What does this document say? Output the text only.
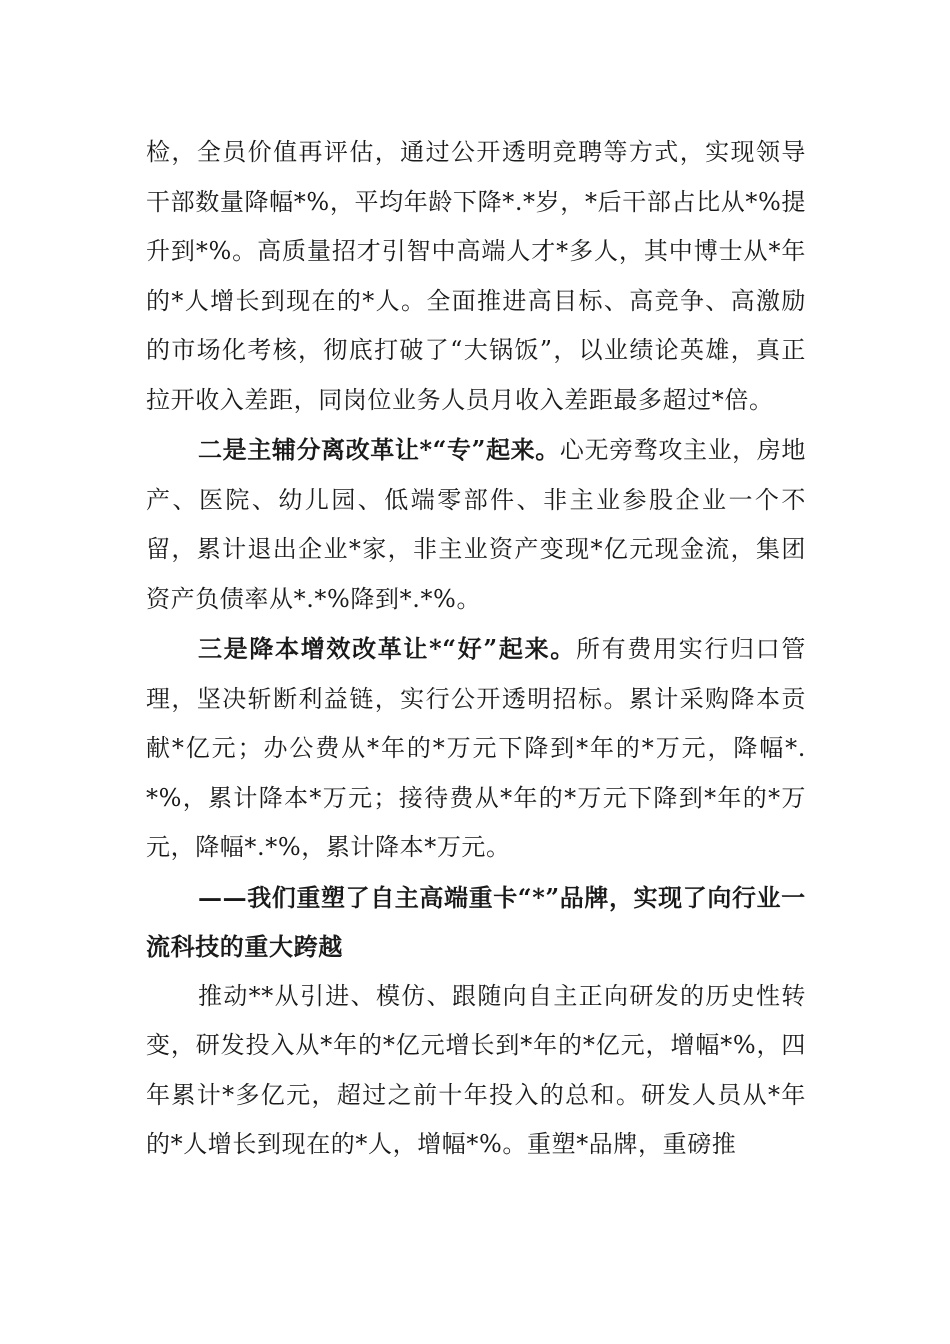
检，全员价值再评估，通过公开透明竞聘等方式，实现领导干部数量降幅*%，平均年龄下降*.*岁，*后干部占比从*%提升到*%。高质量招才引智中高端人才*多人，其中博士从*年的*人增长到现在的*人。全面推进高目标、高竞争、高激励的市场化考核，彻底打破了“大锅饭”，以业绩论英雄，真正拉开收入差距，同岗位业务人员月收入差距最多超过*倍。

二是主辅分离改革让*“专”起来。心无旁骛攻主业，房地产、医院、幼儿园、低端零部件、非主业参股企业一个不留，累计退出企业*家，非主业资产变现*亿元现金流，集团资产负债率从*.*%降到*.*%。

三是降本增效改革让*“好”起来。所有费用实行归口管理，坚决斩断利益链，实行公开透明招标。累计采购降本贡献*亿元；办公费从*年的*万元下降到*年的*万元，降幅*.*%，累计降本*万元；接待费从*年的*万元下降到*年的*万元，降幅*.*%，累计降本*万元。

——我们重塑了自主高端重卡“*”品牌，实现了向行业一流科技的重大跨越

推动**从引进、模仿、跟随向自主正向研发的历史性转变，研发投入从*年的*亿元增长到*年的*亿元，增幅*%，四年累计*多亿元，超过之前十年投入的总和。研发人员从*年的*人增长到现在的*人，增幅*%。重塑*品牌，重磅推
